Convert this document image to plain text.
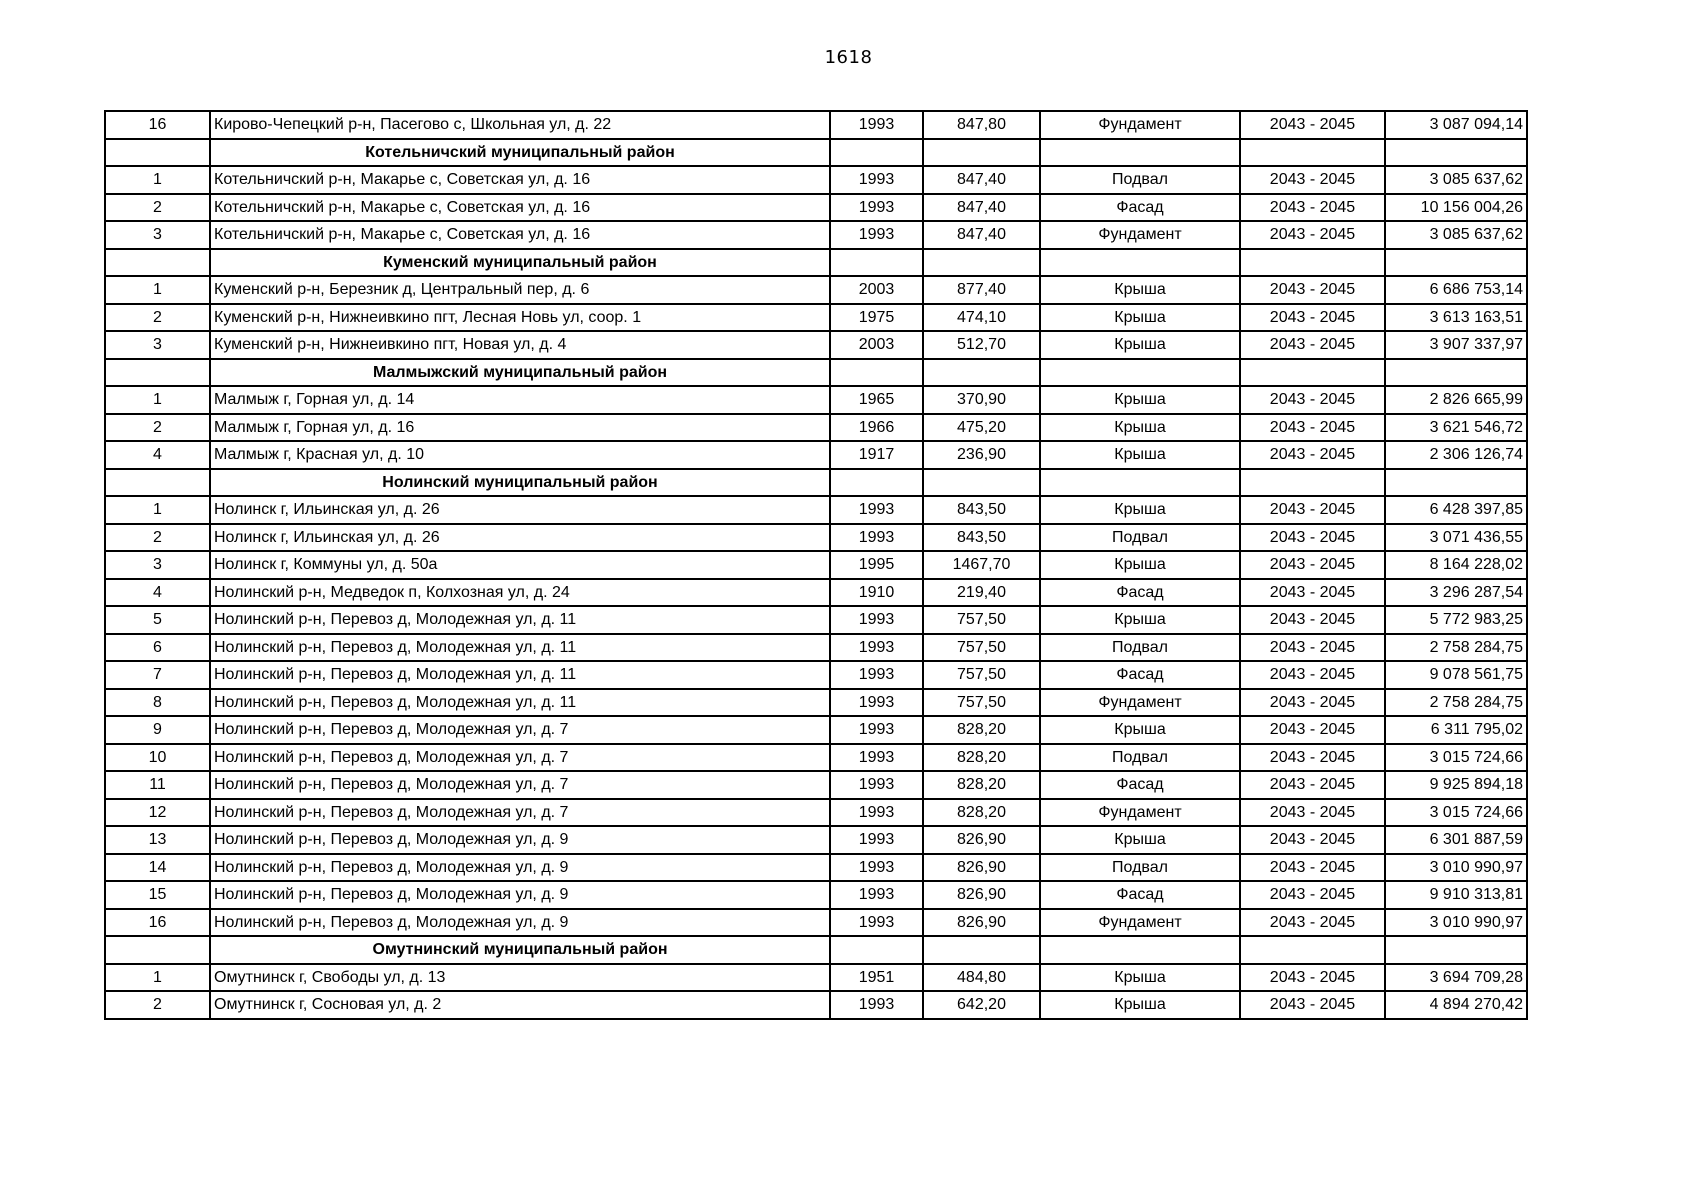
1618
16	Кирово-Чепецкий р-н, Пасегово с, Школьная ул, д. 22	1993	847,80	Фундамент	2043 - 2045	3 087 094,14
	Котельничский муниципальный район					
1	Котельничский р-н, Макарье с, Советская ул, д. 16	1993	847,40	Подвал	2043 - 2045	3 085 637,62
2	Котельничский р-н, Макарье с, Советская ул, д. 16	1993	847,40	Фасад	2043 - 2045	10 156 004,26
3	Котельничский р-н, Макарье с, Советская ул, д. 16	1993	847,40	Фундамент	2043 - 2045	3 085 637,62
	Куменский муниципальный район					
1	Куменский р-н, Березник д, Центральный пер, д. 6	2003	877,40	Крыша	2043 - 2045	6 686 753,14
2	Куменский р-н, Нижнеивкино пгт, Лесная Новь ул, соор. 1	1975	474,10	Крыша	2043 - 2045	3 613 163,51
3	Куменский р-н, Нижнеивкино пгт, Новая ул, д. 4	2003	512,70	Крыша	2043 - 2045	3 907 337,97
	Малмыжский муниципальный район					
1	Малмыж г, Горная ул, д. 14	1965	370,90	Крыша	2043 - 2045	2 826 665,99
2	Малмыж г, Горная ул, д. 16	1966	475,20	Крыша	2043 - 2045	3 621 546,72
4	Малмыж г, Красная ул, д. 10	1917	236,90	Крыша	2043 - 2045	2 306 126,74
	Нолинский муниципальный район					
1	Нолинск г, Ильинская ул, д. 26	1993	843,50	Крыша	2043 - 2045	6 428 397,85
2	Нолинск г, Ильинская ул, д. 26	1993	843,50	Подвал	2043 - 2045	3 071 436,55
3	Нолинск г, Коммуны ул, д. 50а	1995	1467,70	Крыша	2043 - 2045	8 164 228,02
4	Нолинский р-н, Медведок п, Колхозная ул, д. 24	1910	219,40	Фасад	2043 - 2045	3 296 287,54
5	Нолинский р-н, Перевоз д, Молодежная ул, д. 11	1993	757,50	Крыша	2043 - 2045	5 772 983,25
6	Нолинский р-н, Перевоз д, Молодежная ул, д. 11	1993	757,50	Подвал	2043 - 2045	2 758 284,75
7	Нолинский р-н, Перевоз д, Молодежная ул, д. 11	1993	757,50	Фасад	2043 - 2045	9 078 561,75
8	Нолинский р-н, Перевоз д, Молодежная ул, д. 11	1993	757,50	Фундамент	2043 - 2045	2 758 284,75
9	Нолинский р-н, Перевоз д, Молодежная ул, д. 7	1993	828,20	Крыша	2043 - 2045	6 311 795,02
10	Нолинский р-н, Перевоз д, Молодежная ул, д. 7	1993	828,20	Подвал	2043 - 2045	3 015 724,66
11	Нолинский р-н, Перевоз д, Молодежная ул, д. 7	1993	828,20	Фасад	2043 - 2045	9 925 894,18
12	Нолинский р-н, Перевоз д, Молодежная ул, д. 7	1993	828,20	Фундамент	2043 - 2045	3 015 724,66
13	Нолинский р-н, Перевоз д, Молодежная ул, д. 9	1993	826,90	Крыша	2043 - 2045	6 301 887,59
14	Нолинский р-н, Перевоз д, Молодежная ул, д. 9	1993	826,90	Подвал	2043 - 2045	3 010 990,97
15	Нолинский р-н, Перевоз д, Молодежная ул, д. 9	1993	826,90	Фасад	2043 - 2045	9 910 313,81
16	Нолинский р-н, Перевоз д, Молодежная ул, д. 9	1993	826,90	Фундамент	2043 - 2045	3 010 990,97
	Омутнинский муниципальный район					
1	Омутнинск г, Свободы ул, д. 13	1951	484,80	Крыша	2043 - 2045	3 694 709,28
2	Омутнинск г, Сосновая ул, д. 2	1993	642,20	Крыша	2043 - 2045	4 894 270,42
